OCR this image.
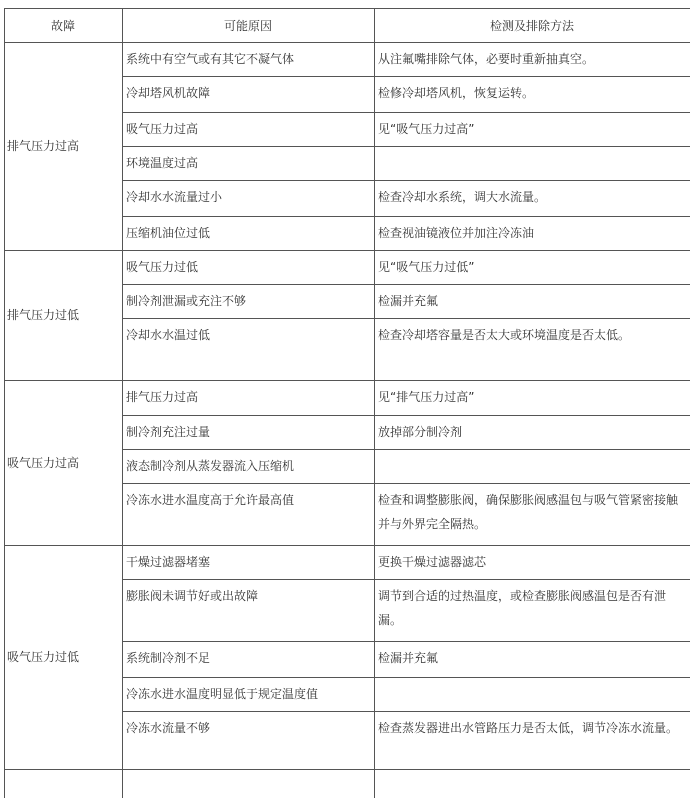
故障	可能原因	检测及排除方法
排气压力过高
系统中有空气或有其它不凝气体	从注氟嘴排除气体，必要时重新抽真空。
冷却塔风机故障	检修冷却塔风机，恢复运转。
吸气压力过高	见“吸气压力过高”
环境温度过高
冷却水水流量过小	检查冷却水系统，调大水流量。
压缩机油位过低	检查视油镜液位并加注冷冻油
排气压力过低
吸气压力过低	见“吸气压力过低”
制冷剂泄漏或充注不够	检漏并充氟
冷却水水温过低	检查冷却塔容量是否太大或环境温度是否太低。
吸气压力过高
排气压力过高	见“排气压力过高”
制冷剂充注过量	放掉部分制冷剂
液态制冷剂从蒸发器流入压缩机
冷冻水进水温度高于允许最高值	检查和调整膨胀阀，确保膨胀阀感温包与吸气管紧密接触并与外界完全隔热。
吸气压力过低
干燥过滤器堵塞	更换干燥过滤器滤芯
膨胀阀未调节好或出故障	调节到合适的过热温度，或检查膨胀阀感温包是否有泄漏。
系统制冷剂不足	检漏并充氟
冷冻水进水温度明显低于规定温度值
冷冻水流量不够	检查蒸发器进出水管路压力是否太低，调节冷冻水流量。
